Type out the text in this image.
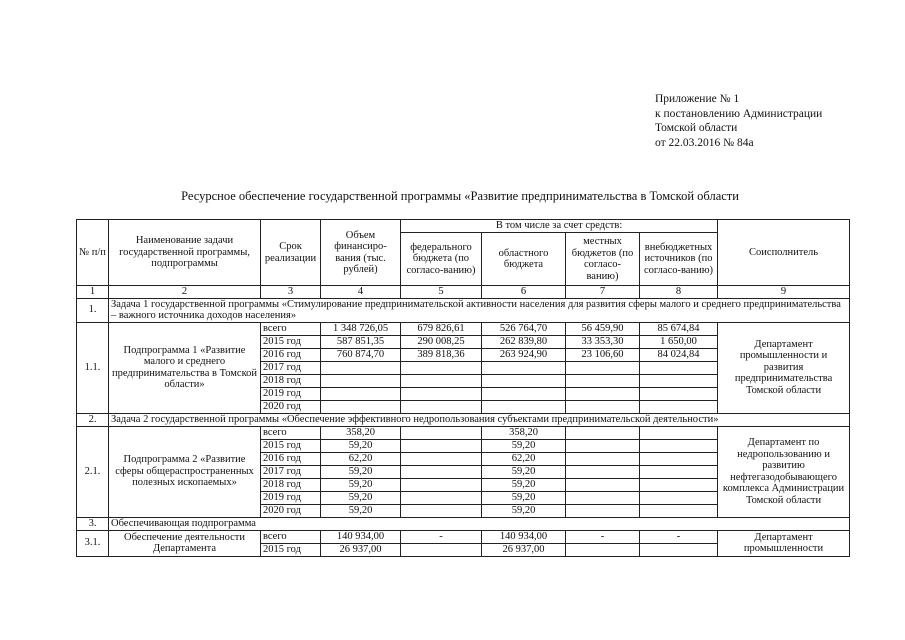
Приложение № 1
к постановлению Администрации
Томской области
от 22.03.2016 № 84а
Ресурсное обеспечение государственной программы «Развитие предпринимательства в Томской области
№ п/п	Наименование задачи государственной программы, подпрограммы	Срок реализации	Объем финансиро-вания (тыс. рублей)	В том числе за счет средств:				Соисполнитель
				федерального бюджета (по согласо-ванию)	областного бюджета	местных бюджетов (по согласо-ванию)	внебюджетных источников (по согласо-ванию)	
1	2	3	4	5	6	7	8	9
1.	Задача 1 государственной программы «Стимулирование предпринимательской активности населения для развития сферы малого и среднего предпринимательства – важного источника доходов населения»							
1.1.	Подпрограмма 1 «Развитие малого и среднего предпринимательства в Томской области»	всего	1 348 726,05	679 826,61	526 764,70	56 459,90	85 674,84	Департамент промышленности и развития предпринимательства Томской области
		2015 год	587 851,35	290 008,25	262 839,80	33 353,30	1 650,00	
		2016 год	760 874,70	389 818,36	263 924,90	23 106,60	84 024,84	
		2017 год						
		2018 год						
		2019 год						
		2020 год						
2.	Задача 2 государственной программы «Обеспечение эффективного недропользования субъектами предпринимательской деятельности»							
2.1.	Подпрограмма 2 «Развитие сферы общераспространенных полезных ископаемых»	всего	358,20		358,20			Департамент по недропользованию и развитию нефтегазодобывающего комплекса Администрации Томской области
		2015 год	59,20		59,20			
		2016 год	62,20		62,20			
		2017 год	59,20		59,20			
		2018 год	59,20		59,20			
		2019 год	59,20		59,20			
		2020 год	59,20		59,20			
3.	Обеспечивающая подпрограмма							
3.1.	Обеспечение деятельности Департамента	всего	140 934,00	-	140 934,00	-	-	Департамент промышленности
		2015 год	26 937,00		26 937,00			
